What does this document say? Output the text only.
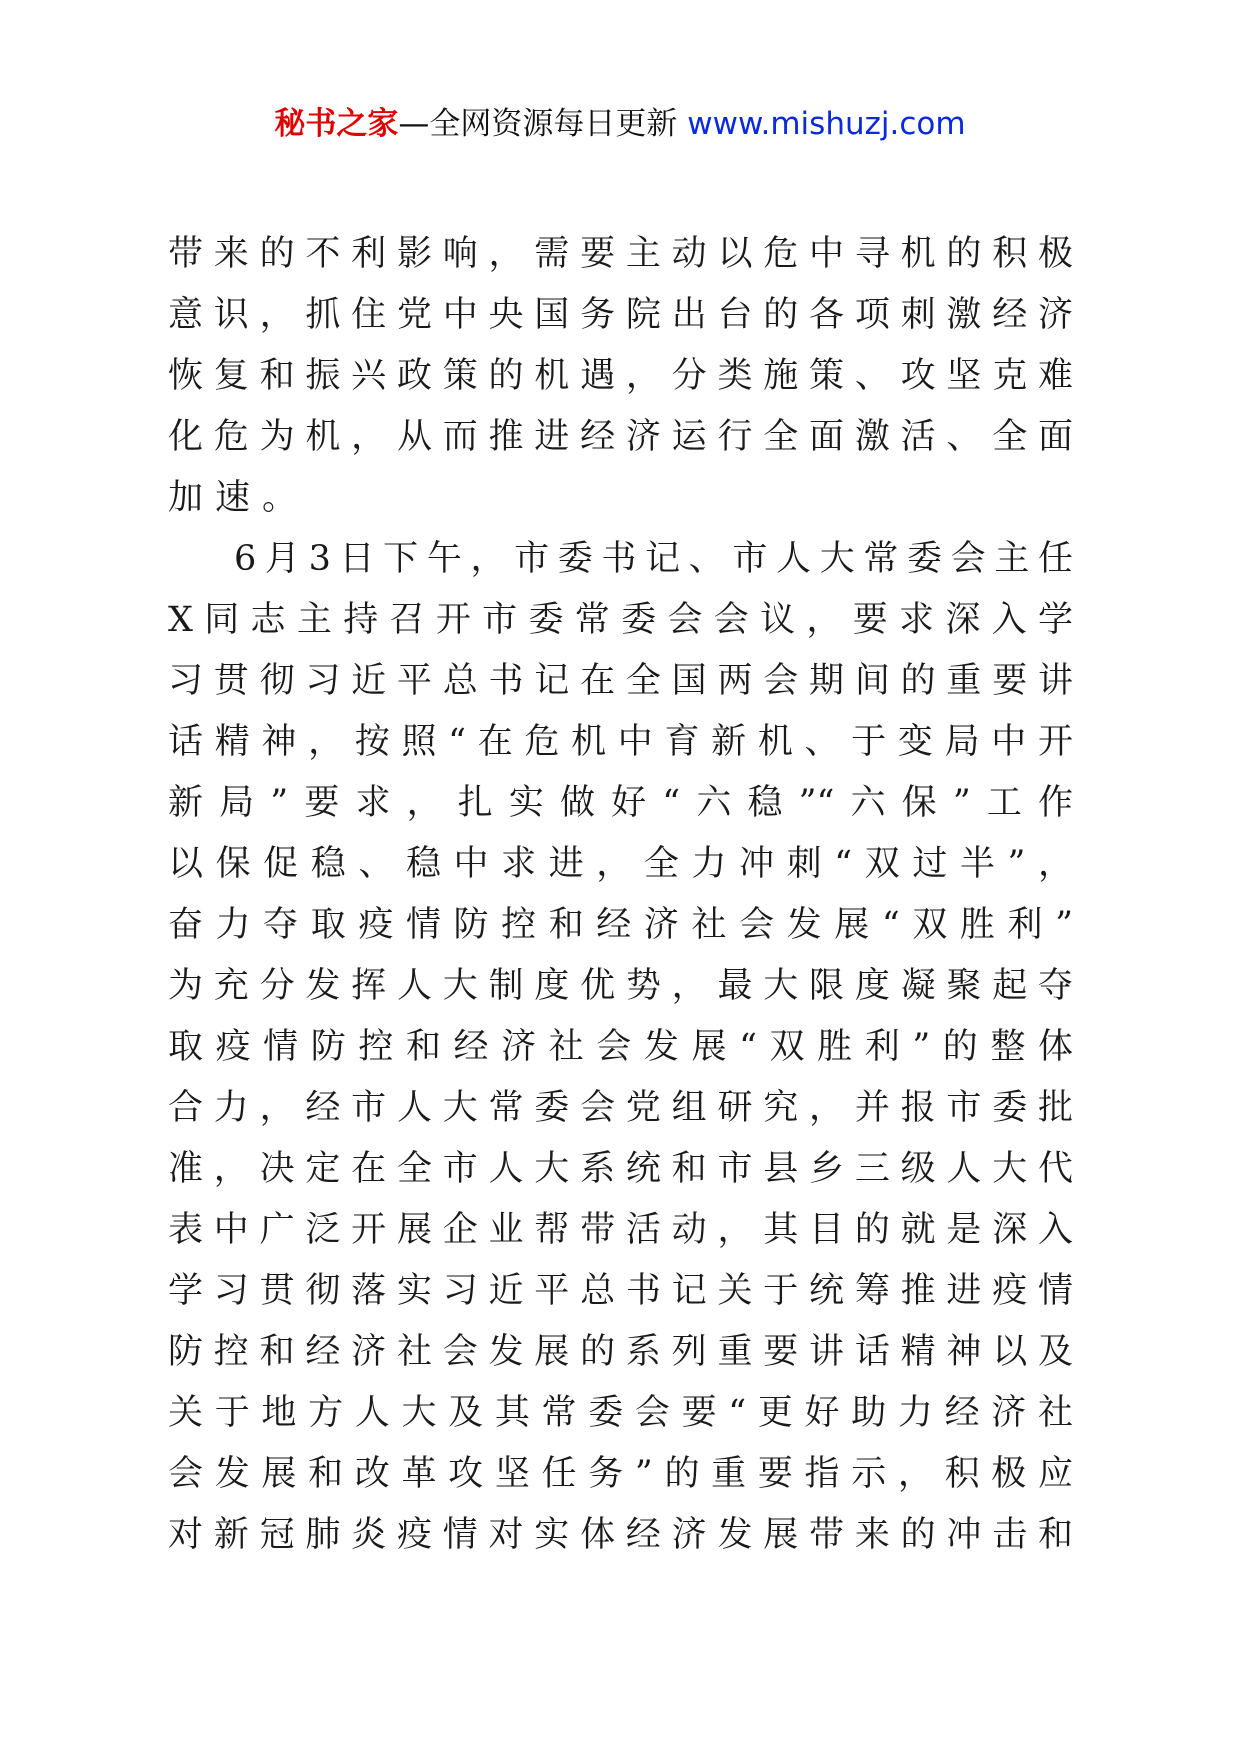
秘书之家—全网资源每日更新 www.mishuzj.com
带来的不利影响，需要主动以危中寻机的积极
意识，抓住党中央国务院出台的各项刺激经济
恢复和振兴政策的机遇，分类施策、攻坚克难
化危为机，从而推进经济运行全面激活、全面
加速。
6月3日下午，市委书记、市人大常委会主任
X同志主持召开市委常委会会议，要求深入学
习贯彻习近平总书记在全国两会期间的重要讲
话精神，按照“在危机中育新机、于变局中开
新局”要求，扎实做好“六稳”“六保”工作
以保促稳、稳中求进，全力冲刺“双过半”，
奋力夺取疫情防控和经济社会发展“双胜利”
为充分发挥人大制度优势，最大限度凝聚起夺
取疫情防控和经济社会发展“双胜利”的整体
合力，经市人大常委会党组研究，并报市委批
准，决定在全市人大系统和市县乡三级人大代
表中广泛开展企业帮带活动，其目的就是深入
学习贯彻落实习近平总书记关于统筹推进疫情
防控和经济社会发展的系列重要讲话精神以及
关于地方人大及其常委会要“更好助力经济社
会发展和改革攻坚任务”的重要指示，积极应
对新冠肺炎疫情对实体经济发展带来的冲击和
